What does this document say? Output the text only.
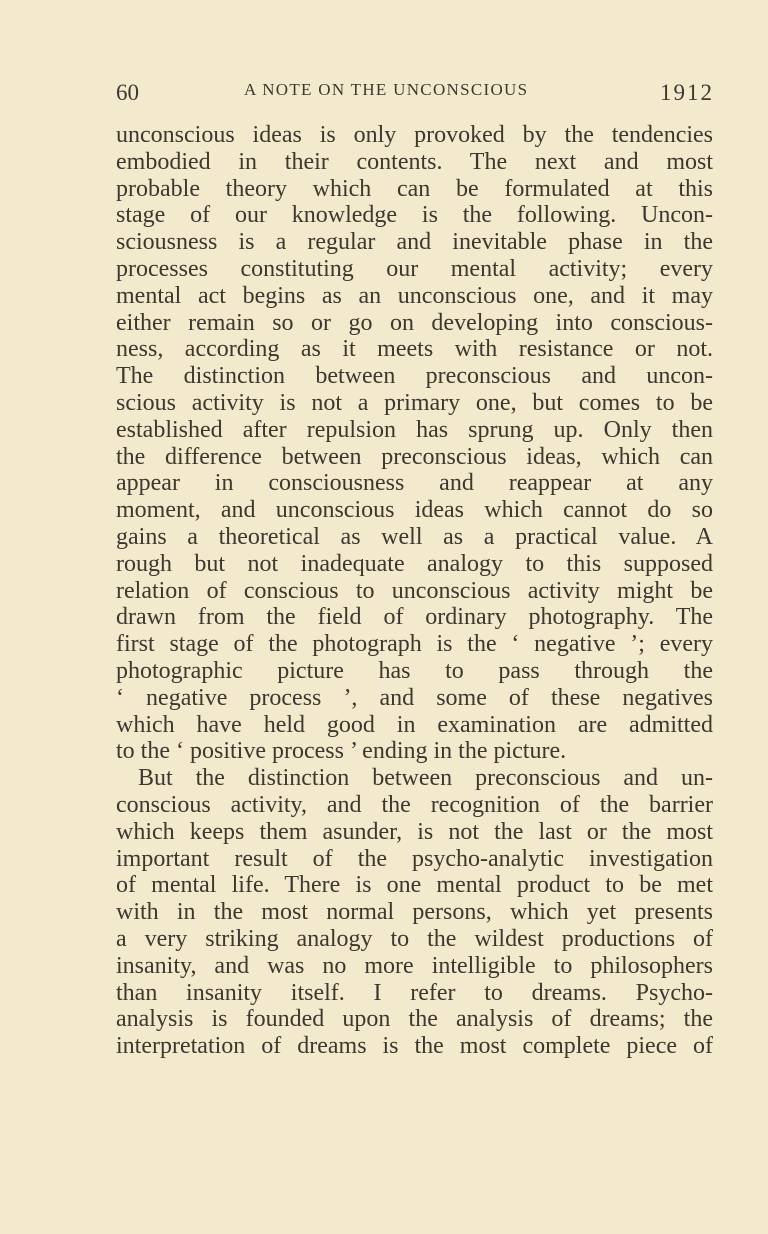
60	A NOTE ON THE UNCONSCIOUS	1912
unconscious ideas is only provoked by the tendencies
embodied in their contents. The next and most
probable theory which can be formulated at this
stage of our knowledge is the following. Uncon-
sciousness is a regular and inevitable phase in the
processes constituting our mental activity; every
mental act begins as an unconscious one, and it may
either remain so or go on developing into conscious-
ness, according as it meets with resistance or not.
The distinction between preconscious and uncon-
scious activity is not a primary one, but comes to be
established after repulsion has sprung up. Only then
the difference between preconscious ideas, which can
appear in consciousness and reappear at any
moment, and unconscious ideas which cannot do so
gains a theoretical as well as a practical value. A
rough but not inadequate analogy to this supposed
relation of conscious to unconscious activity might be
drawn from the field of ordinary photography. The
first stage of the photograph is the ‘ negative ’; every
photographic picture has to pass through the
‘ negative process ’, and some of these negatives
which have held good in examination are admitted
to the ‘ positive process ’ ending in the picture.
But the distinction between preconscious and un-
conscious activity, and the recognition of the barrier
which keeps them asunder, is not the last or the most
important result of the psycho-analytic investigation
of mental life. There is one mental product to be met
with in the most normal persons, which yet presents
a very striking analogy to the wildest productions of
insanity, and was no more intelligible to philosophers
than insanity itself. I refer to dreams. Psycho-
analysis is founded upon the analysis of dreams; the
interpretation of dreams is the most complete piece of
